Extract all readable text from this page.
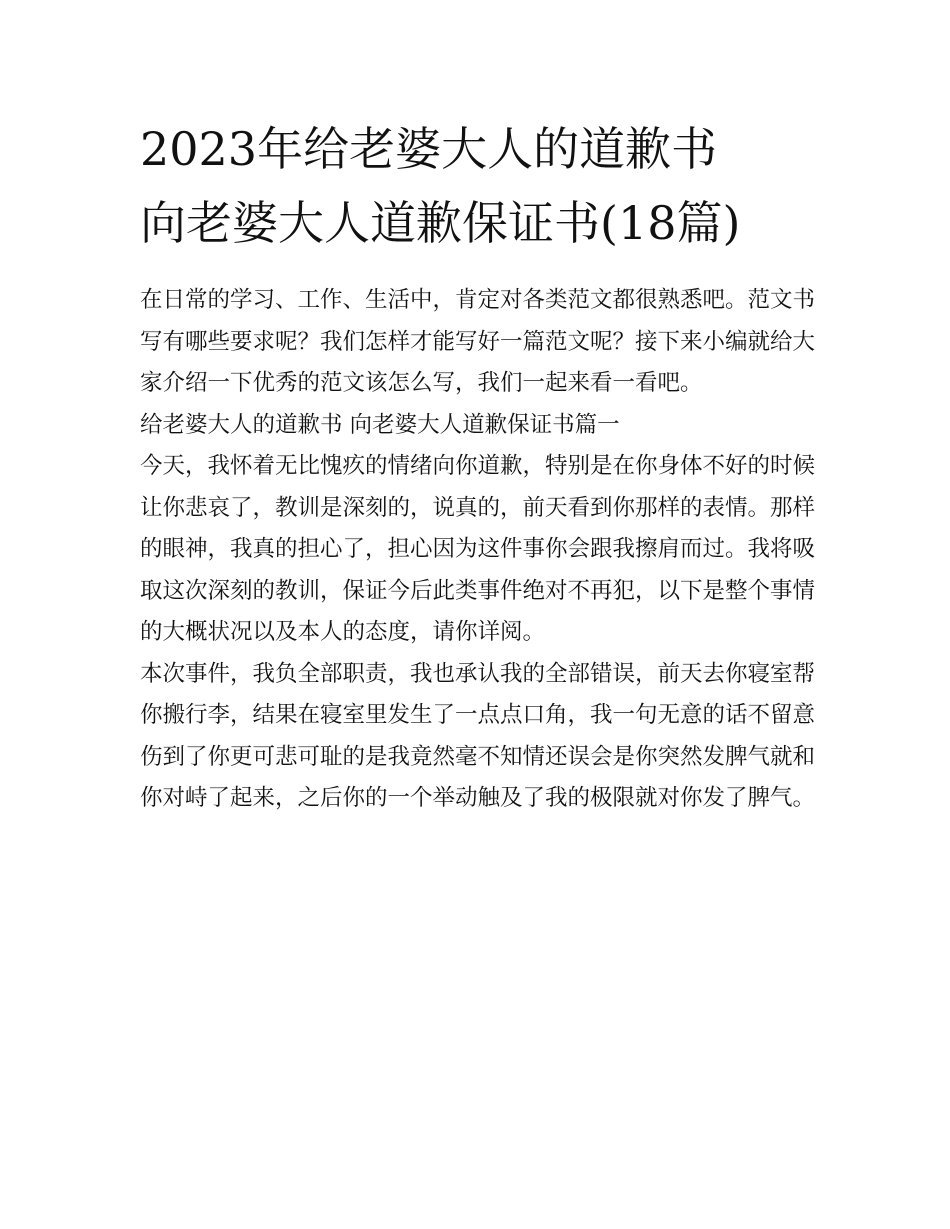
2023年给老婆大人的道歉书
向老婆大人道歉保证书(18篇)

在日常的学习、工作、生活中，肯定对各类范文都很熟悉吧。范文书写有哪些要求呢？我们怎样才能写好一篇范文呢？接下来小编就给大家介绍一下优秀的范文该怎么写，我们一起来看一看吧。

给老婆大人的道歉书 向老婆大人道歉保证书篇一

今天，我怀着无比愧疚的情绪向你道歉，特别是在你身体不好的时候让你悲哀了，教训是深刻的，说真的，前天看到你那样的表情。那样的眼神，我真的担心了，担心因为这件事你会跟我擦肩而过。我将吸取这次深刻的教训，保证今后此类事件绝对不再犯，以下是整个事情的大概状况以及本人的态度，请你详阅。

本次事件，我负全部职责，我也承认我的全部错误，前天去你寝室帮你搬行李，结果在寝室里发生了一点点口角，我一句无意的话不留意伤到了你更可悲可耻的是我竟然毫不知情还误会是你突然发脾气就和你对峙了起来，之后你的一个举动触及了我的极限就对你发了脾气。
